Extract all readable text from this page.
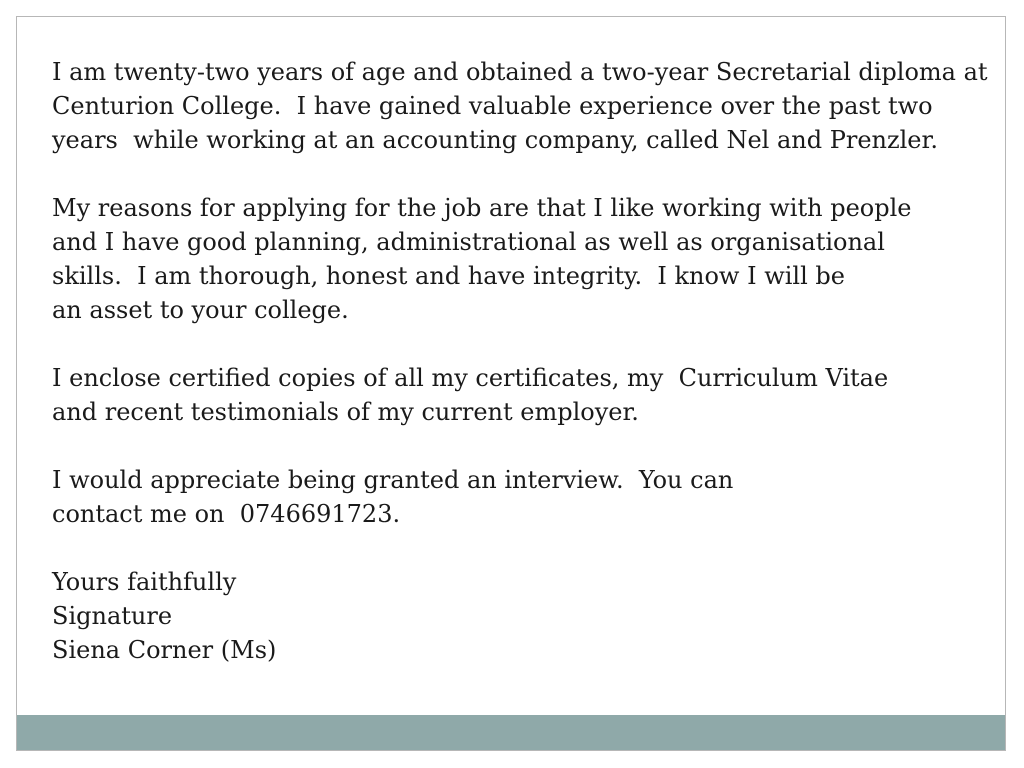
I am twenty-two years of age and obtained a two-year Secretarial diploma at
Centurion College.  I have gained valuable experience over the past two
years  while working at an accounting company, called Nel and Prenzler.
My reasons for applying for the job are that I like working with people
and I have good planning, administrational as well as organisational
skills.  I am thorough, honest and have integrity.  I know I will be
an asset to your college.
I enclose certified copies of all my certificates, my  Curriculum Vitae
and recent testimonials of my current employer.
I would appreciate being granted an interview.  You can
contact me on  0746691723.
Yours faithfully
Signature
Siena Corner (Ms)
